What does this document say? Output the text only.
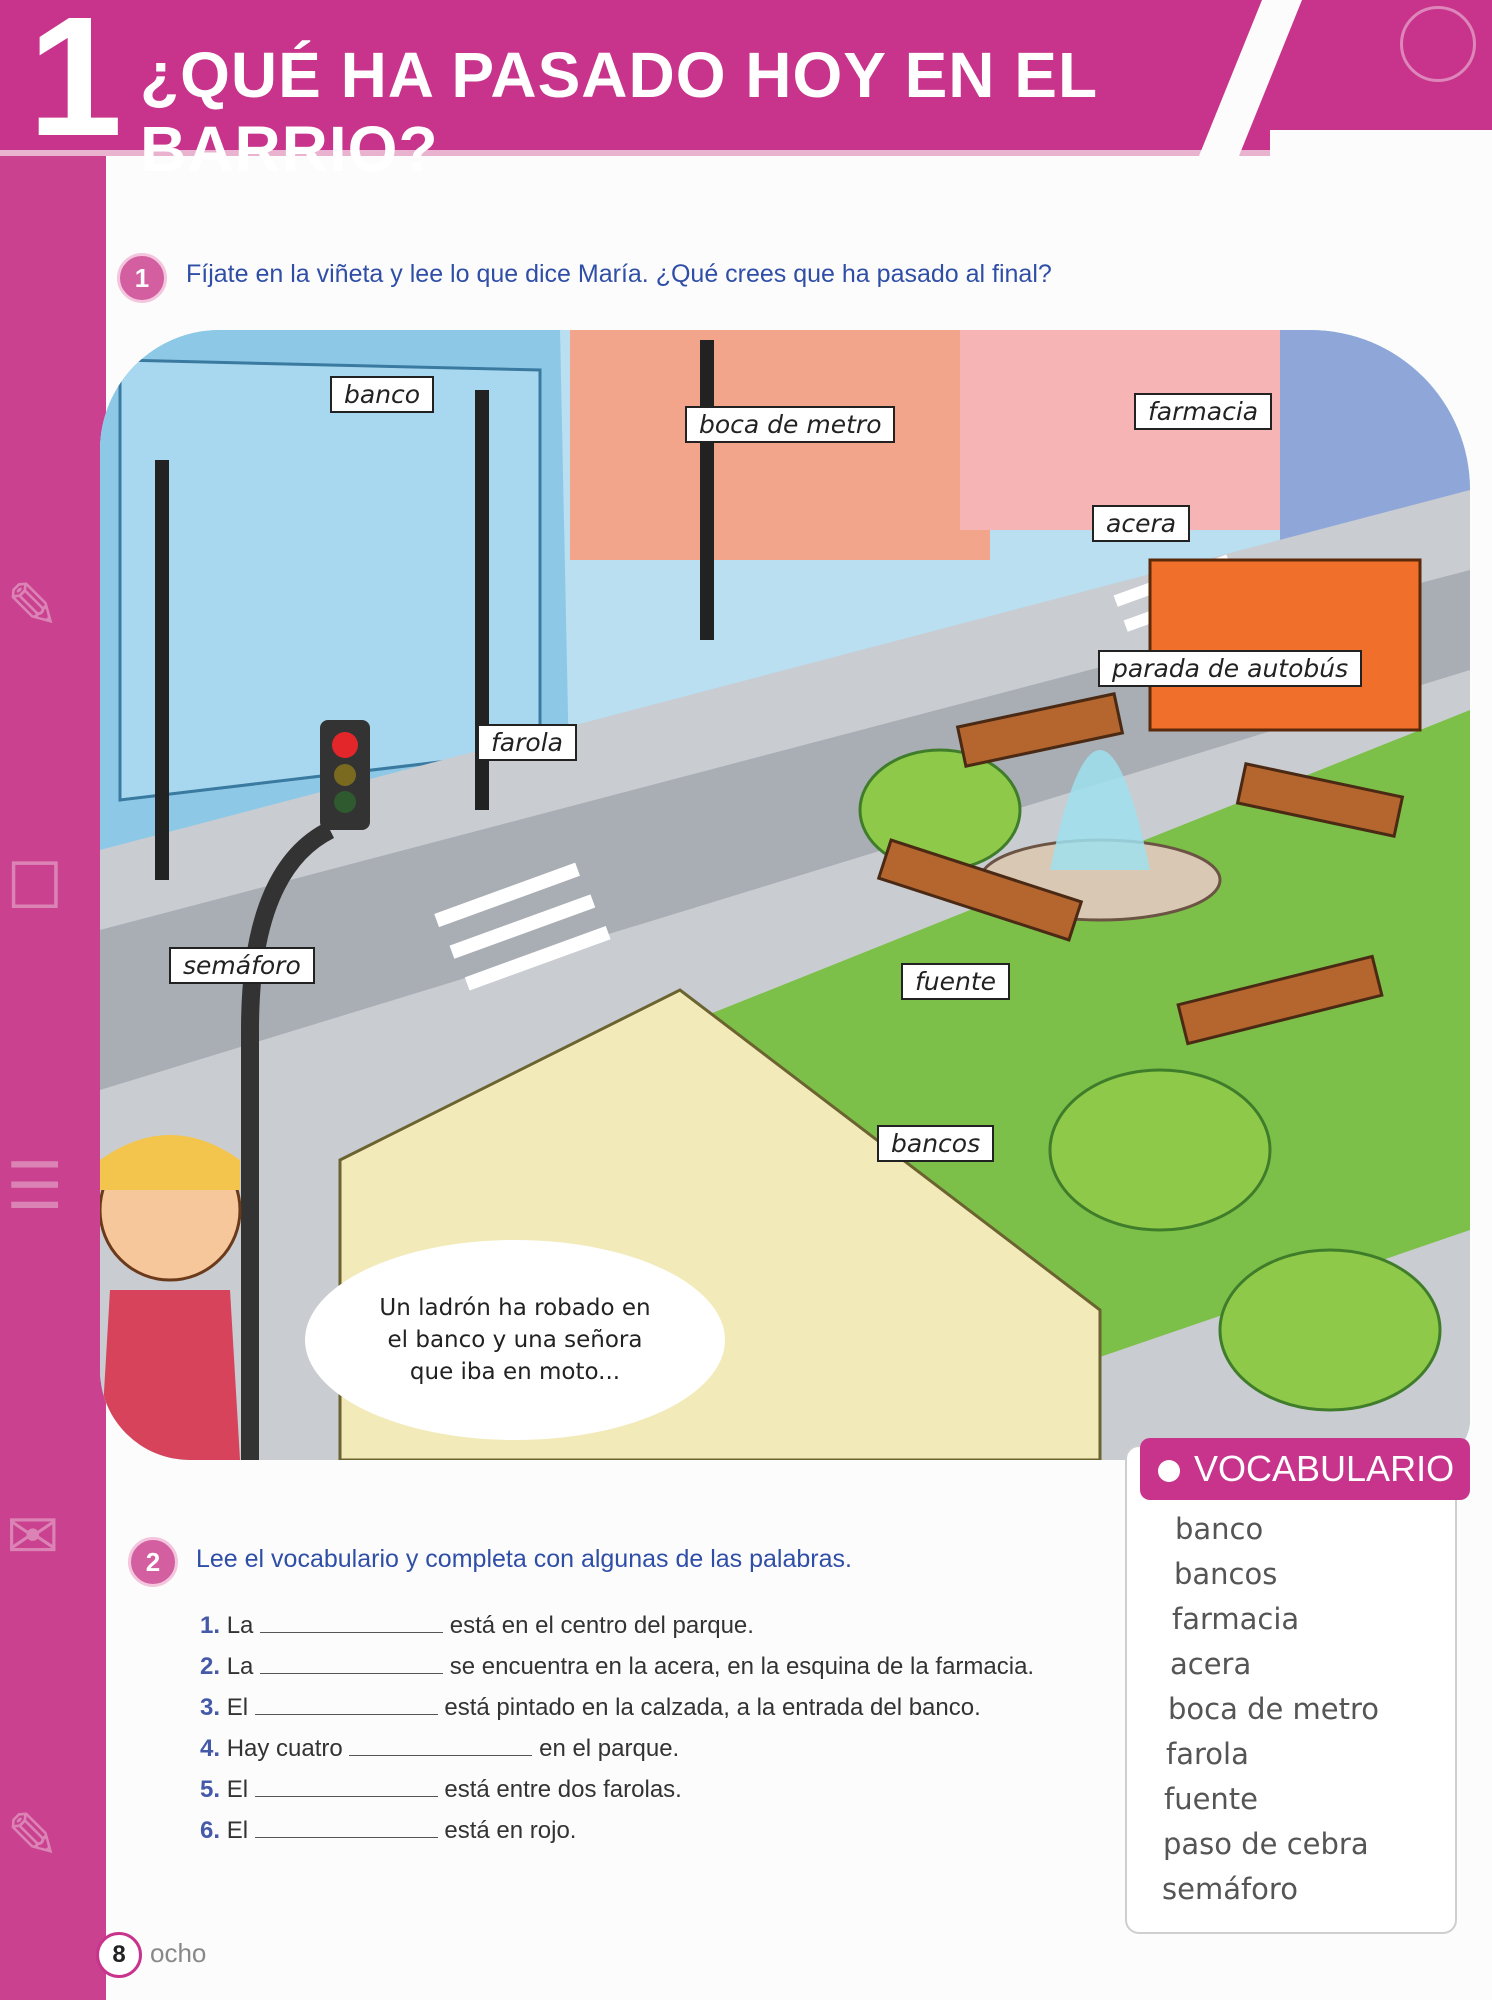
✎
☐
☰
✉
✎
1 ¿QUÉ HA PASADO HOY EN EL BARRIO?
1	Fíjate en la viñeta y lee lo que dice María. ¿Qué crees que ha pasado al final?
banco
boca de metro	farmacia
acera
parada de autobús
farola
semáforo
fuente
bancos
Un ladrón ha robado en
el banco y una señora
que iba en moto...
VOCABULARIO
banco
bancos
farmacia
acera
boca de metro
farola
fuente
paso de cebra
semáforo
2	Lee el vocabulario y completa con algunas de las palabras.
1. La	está en el centro del parque.
2. La	se encuentra en la acera, en la esquina de la farmacia.
3. El	está pintado en la calzada, a la entrada del banco.
4. Hay cuatro	en el parque.
5. El	está entre dos farolas.
6. El	está en rojo.
8 ocho
